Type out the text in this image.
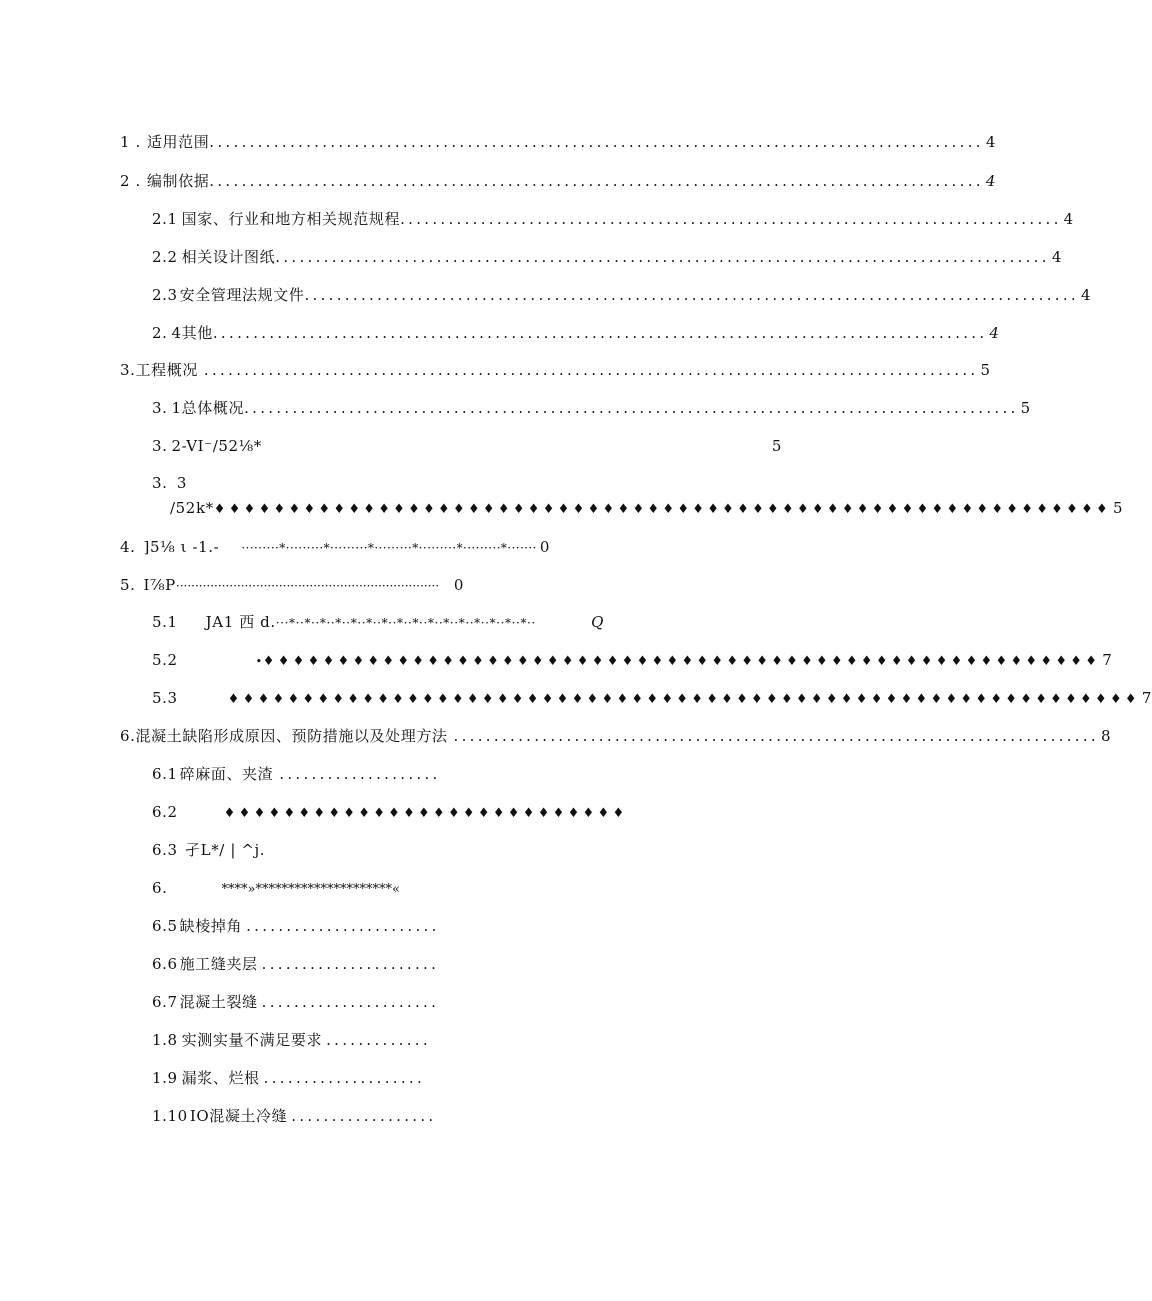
1 . 适用范围 ................................................................................................ 4
2 . 编制依据 ................................................................................................ 4
2.1 国家、行业和地方相关规范规程 .................................................................................. 4
2.2 相关设计图纸 ................................................................................................ 4
2.3 安全管理法规文件 ................................................................................................ 4
2. 4其他 ................................................................................................ 4
3. 工程概况 ................................................................................................ 5
3. 1总体概况 ................................................................................................ 5
3. 2-VI⁻/52⅛*	5
3. 3
/52k* ♦♦♦♦♦♦♦♦♦♦♦♦♦♦♦♦♦♦♦♦♦♦♦♦♦♦♦♦♦♦♦♦♦♦♦♦♦♦♦♦♦♦♦♦♦♦♦♦♦♦♦♦♦♦♦♦♦♦♦♦ 5
4. ]5⅛ ι -1.- ·········*·········*·········*·········*·········*·········*······· 0
5. I⅞P ····································································· 0
5.1 JA1 西 d. ···*··*··*··*··*··*··*··*··*··*··*··*··*··*··*··*··	Q
5.2	• ♦♦♦♦♦♦♦♦♦♦♦♦♦♦♦♦♦♦♦♦♦♦♦♦♦♦♦♦♦♦♦♦♦♦♦♦♦♦♦♦♦♦♦♦♦♦♦♦♦♦♦♦♦♦♦♦ 7
5.3	♦♦♦♦♦♦♦♦♦♦♦♦♦♦♦♦♦♦♦♦♦♦♦♦♦♦♦♦♦♦♦♦♦♦♦♦♦♦♦♦♦♦♦♦♦♦♦♦♦♦♦♦♦♦♦♦♦♦♦♦♦ 7
6. 混凝土缺陷形成原因、预防措施以及处理方法 ................................................................................ 8
6.1 碎麻面、夹渣 ....................
6.2	♦♦♦♦♦♦♦♦♦♦♦♦♦♦♦♦♦♦♦♦♦♦♦♦♦♦♦
6.3 孑L*/ | ^j.
6.	****»*********************«
6.5 缺棱掉角 ........................
6.6 施工缝夹层 ......................
6.7 混凝土裂缝 ......................
1.8 实测实量不满足要求 .............
1.9 漏浆、烂根 ....................
1.10 IO混凝土冷缝 ..................
